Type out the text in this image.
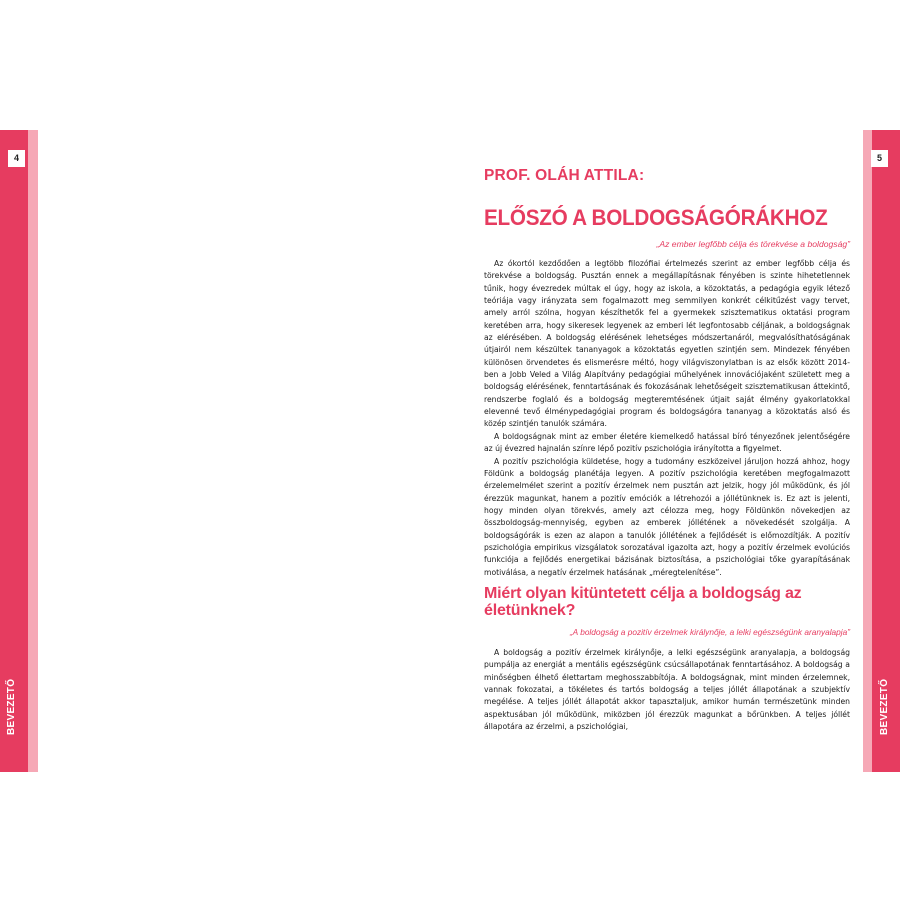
4
BEVEZETŐ
5
BEVEZETŐ
PROF. OLÁH ATTILA:
ELŐSZÓ A BOLDOGSÁGÓRÁKHOZ
„Az ember legfőbb célja és törekvése a boldogság”

Az ókortól kezdődően a legtöbb filozófiai értelmezés szerint az ember legfőbb célja és törekvése a boldogság. Pusztán ennek a megállapításnak fényében is szinte hihetetlennek tűnik, hogy évezredek múltak el úgy, hogy az iskola, a közoktatás, a pedagógia egyik létező teóriája vagy irányzata sem fogalmazott meg semmilyen konkrét célkitűzést vagy tervet, amely arról szólna, hogyan készíthetők fel a gyermekek szisztematikus oktatási program keretében arra, hogy sikeresek legyenek az emberi lét legfontosabb céljának, a boldogságnak az elérésében. A boldogság elérésének lehetséges módszertanáról, megvalósíthatóságának útjairól nem készültek tananyagok a közoktatás egyetlen szintjén sem. Mindezek fényében különösen örvendetes és elismerésre méltó, hogy világviszonylatban is az elsők között 2014-ben a Jobb Veled a Világ Alapítvány pedagógiai műhelyének innovációjaként született meg a boldogság elérésének, fenntartásának és fokozásának lehetőségeit szisztematikusan áttekintő, rendszerbe foglaló és a boldogság megteremtésének útjait saját élmény gyakorlatokkal elevenné tevő élménypedagógiai program és boldogságóra tananyag a közoktatás alsó és közép szintjén tanulók számára.

A boldogságnak mint az ember életére kiemelkedő hatással bíró tényezőnek jelentőségére az új évezred hajnalán színre lépő pozitív pszichológia irányította a figyelmet.

A pozitív pszichológia küldetése, hogy a tudomány eszközeivel járuljon hozzá ahhoz, hogy Földünk a boldogság planétája legyen. A pozitív pszichológia keretében megfogalmazott érzelemelmélet szerint a pozitív érzelmek nem pusztán azt jelzik, hogy jól működünk, és jól érezzük magunkat, hanem a pozitív emóciók a létrehozói a jóllétünknek is. Ez azt is jelenti, hogy minden olyan törekvés, amely azt célozza meg, hogy Földünkön növekedjen az összboldogság-mennyiség, egyben az emberek jóllétének a növekedését szolgálja. A boldogságórák is ezen az alapon a tanulók jóllétének a fejlődését is előmozdítják. A pozitív pszichológia empirikus vizsgálatok sorozatával igazolta azt, hogy a pozitív érzelmek evolúciós funkciója a fejlődés energetikai bázisának biztosítása, a pszichológiai tőke gyarapításának motiválása, a negatív érzelmek hatásának „méregtelenítése”.

Miért olyan kitüntetett célja a boldogság az életünknek?
„A boldogság a pozitív érzelmek királynője, a lelki egészségünk aranyalapja”

A boldogság a pozitív érzelmek királynője, a lelki egészségünk aranyalapja, a boldogság pumpálja az energiát a mentális egészségünk csúcsállapotának fenntartásához. A boldogság a minőségben élhető élettartam meghosszabbítója. A boldogságnak, mint minden érzelemnek, vannak fokozatai, a tökéletes és tartós boldogság a teljes jóllét állapotának a szubjektív megélése. A teljes jóllét állapotát akkor tapasztaljuk, amikor humán természetünk minden aspektusában jól működünk, miközben jól érezzük magunkat a bőrünkben. A teljes jóllét állapotára az érzelmi, a pszichológiai,
